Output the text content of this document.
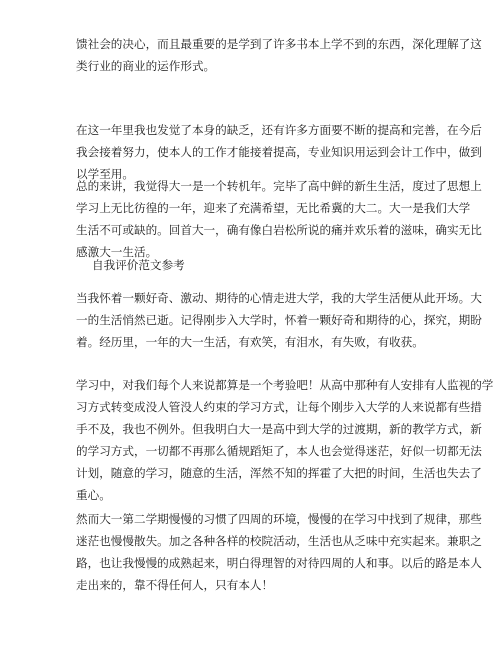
馈社会的决心，而且最重要的是学到了许多书本上学不到的东西，深化理解了这
类行业的商业的运作形式。
在这一年里我也发觉了本身的缺乏，还有许多方面要不断的提高和完善，在今后
我会接着努力，使本人的工作才能接着提高，专业知识用运到会计工作中，做到
以学至用。
总的来讲，我觉得大一是一个转机年。完毕了高中鲜的新生生活，度过了思想上
学习上无比彷徨的一年，迎来了充满希望，无比希冀的大二。大一是我们大学
生活不可或缺的。回首大一，确有像白岩松所说的痛并欢乐着的滋味，确实无比
感激大一生活。
自我评价范文参考
当我怀着一颗好奇、激动、期待的心情走进大学，我的大学生活便从此开场。大
一的生活悄然已逝。记得刚步入大学时，怀着一颗好奇和期待的心，探究，期盼
着。经历里，一年的大一生活，有欢笑，有泪水，有失败，有收获。
学习中，对我们每个人来说都算是一个考验吧！从高中那种有人安排有人监视的学
习方式转变成没人管没人约束的学习方式，让每个刚步入大学的人来说都有些措
手不及，我也不例外。但我明白大一是高中到大学的过渡期，新的教学方式，新
的学习方式，一切都不再那么循规蹈矩了，本人也会觉得迷茫，好似一切都无法
计划，随意的学习，随意的生活，浑然不知的挥霍了大把的时间，生活也失去了
重心。
然而大一第二学期慢慢的习惯了四周的环境，慢慢的在学习中找到了规律，那些
迷茫也慢慢散失。加之各种各样的校院活动，生活也从乏味中充实起来。兼职之
路，也让我慢慢的成熟起来，明白得理智的对待四周的人和事。以后的路是本人
走出来的，靠不得任何人，只有本人！
